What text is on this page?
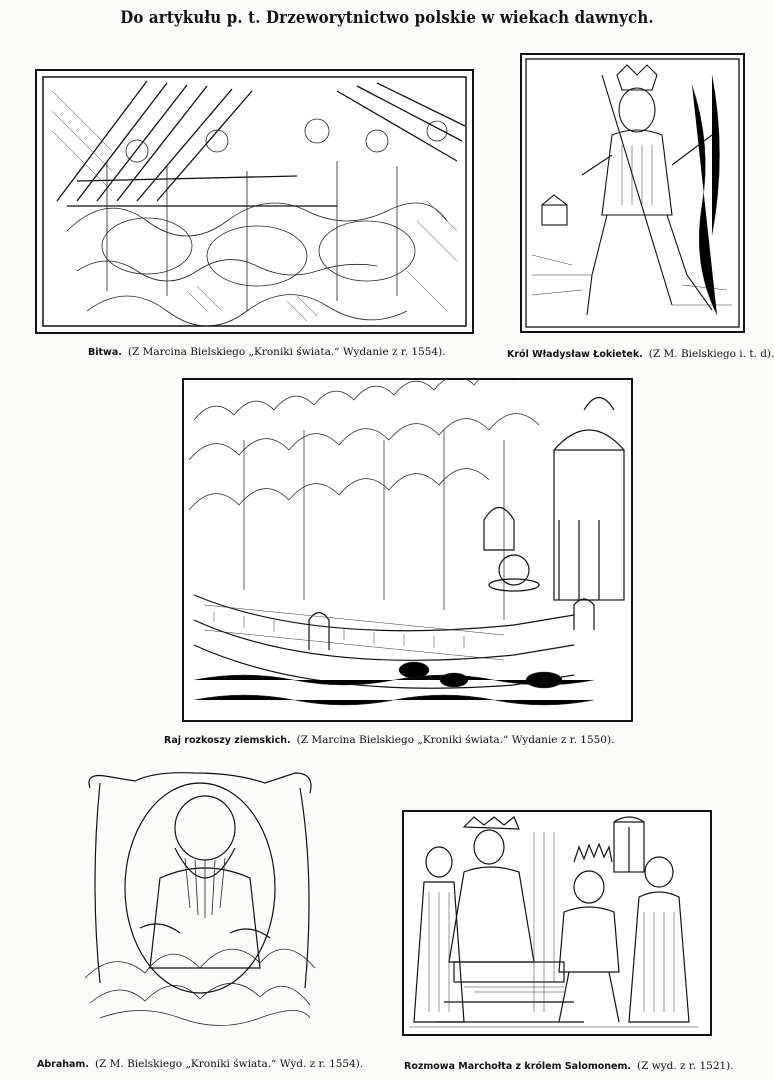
Do artykułu p. t. Drzeworytnictwo polskie w wiekach dawnych.
Bitwa. (Z Marcina Bielskiego „Kroniki świata.“ Wydanie z r. 1554).	Król Władysław Łokietek. (Z M. Bielskiego i. t. d).
Raj rozkoszy ziemskich. (Z Marcina Bielskiego „Kroniki świata.“ Wydanie z r. 1550).
Abraham. (Z M. Bielskiego „Kroniki świata.“ Wyd. z r. 1554).	Rozmowa Marchołta z królem Salomonem. (Z wyd. z r. 1521).
